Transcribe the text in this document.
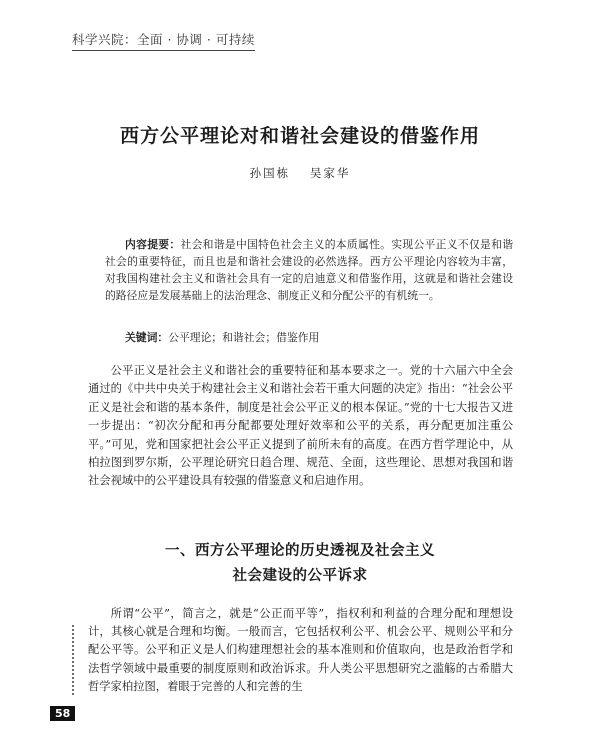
科学兴院：全面 · 协调 · 可持续
西方公平理论对和谐社会建设的借鉴作用
孙国栋 吴家华
内容提要：社会和谐是中国特色社会主义的本质属性。实现公平正义不仅是和谐社会的重要特征，而且也是和谐社会建设的必然选择。西方公平理论内容较为丰富，对我国构建社会主义和谐社会具有一定的启迪意义和借鉴作用，这就是和谐社会建设的路径应是发展基础上的法治理念、制度正义和分配公平的有机统一。
关键词：公平理论；和谐社会；借鉴作用

公平正义是社会主义和谐社会的重要特征和基本要求之一。党的十六届六中全会通过的《中共中央关于构建社会主义和谐社会若干重大问题的决定》指出：“社会公平正义是社会和谐的基本条件，制度是社会公平正义的根本保证。”党的十七大报告又进一步提出：“初次分配和再分配都要处理好效率和公平的关系，再分配更加注重公平。”可见，党和国家把社会公平正义提到了前所未有的高度。在西方哲学理论中，从柏拉图到罗尔斯，公平理论研究日趋合理、规范、全面，这些理论、思想对我国和谐社会视域中的公平建设具有较强的借鉴意义和启迪作用。

一、西方公平理论的历史透视及社会主义
社会建设的公平诉求

所谓“公平”，简言之，就是“公正而平等”，指权利和利益的合理分配和理想设计，其核心就是合理和均衡。一般而言，它包括权利公平、机会公平、规则公平和分配公平等。公平和正义是人们构建理想社会的基本准则和价值取向，也是政治哲学和法哲学领域中最重要的制度原则和政治诉求。升人类公平思想研究之滥觞的古希腊大哲学家柏拉图，着眼于完善的人和完善的生

58
